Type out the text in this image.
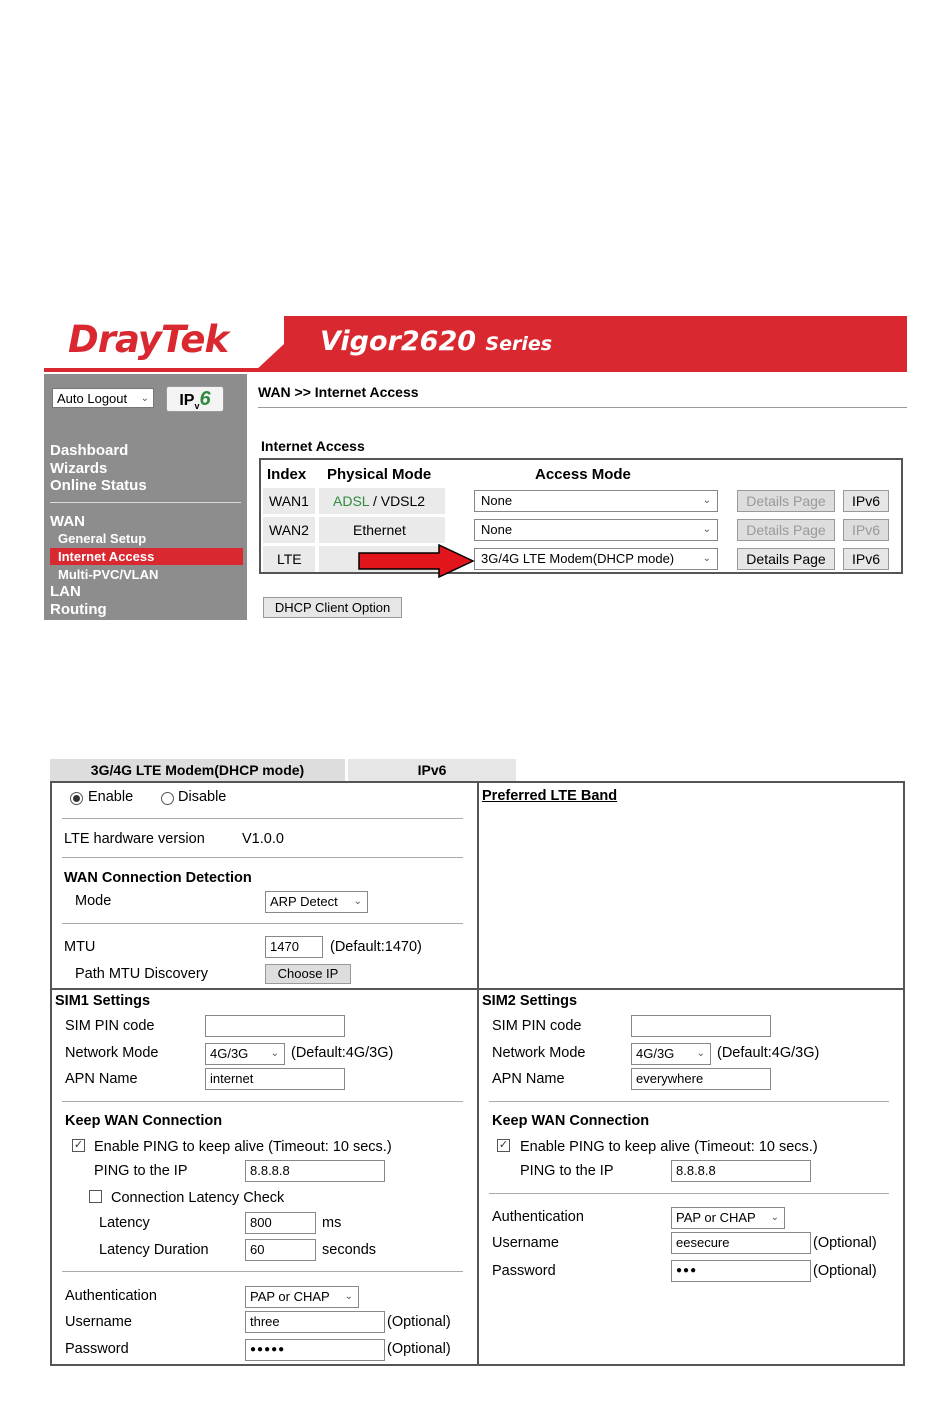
DrayTek	Vigor2620 Series
Auto Logout ⌄	$IP_v6$
Dashboard
Wizards
Online Status
WAN
General Setup
Internet Access
Multi-PVC/VLAN
LAN
Routing
WAN >> Internet Access
Internet Access
Index Physical Mode	Access Mode
WAN1 ADSL / VDSL2	None	⌄	Details Page	IPv6
WAN2	Ethernet	None	⌄	Details Page	IPv6
LTE	3G/4G LTE Modem(DHCP mode)	⌄	Details Page	IPv6
DHCP Client Option
3G/4G LTE Modem(DHCP mode)	IPv6
Enable	Disable
LTE hardware version	V1.0.0
WAN Connection Detection
Mode	ARP Detect ⌄
MTU	1470	(Default:1470)
Path MTU Discovery	Choose IP
Preferred LTE Band
SIM1 Settings
SIM PIN code
Network Mode	4G/3G ⌄ (Default:4G/3G)
APN Name	internet
Keep WAN Connection
✓ Enable PING to keep alive (Timeout: 10 secs.)
PING to the IP	8.8.8.8
Connection Latency Check
Latency	800	ms
Latency Duration	60	seconds
Authentication	PAP or CHAP ⌄
Username	three	(Optional)
Password	●●●●●	(Optional)
SIM2 Settings
SIM PIN code
Network Mode	4G/3G ⌄ (Default:4G/3G)
APN Name	everywhere
Keep WAN Connection
✓ Enable PING to keep alive (Timeout: 10 secs.)
PING to the IP	8.8.8.8
Authentication	PAP or CHAP ⌄
Username	eesecure	(Optional)
Password	●●●	(Optional)
